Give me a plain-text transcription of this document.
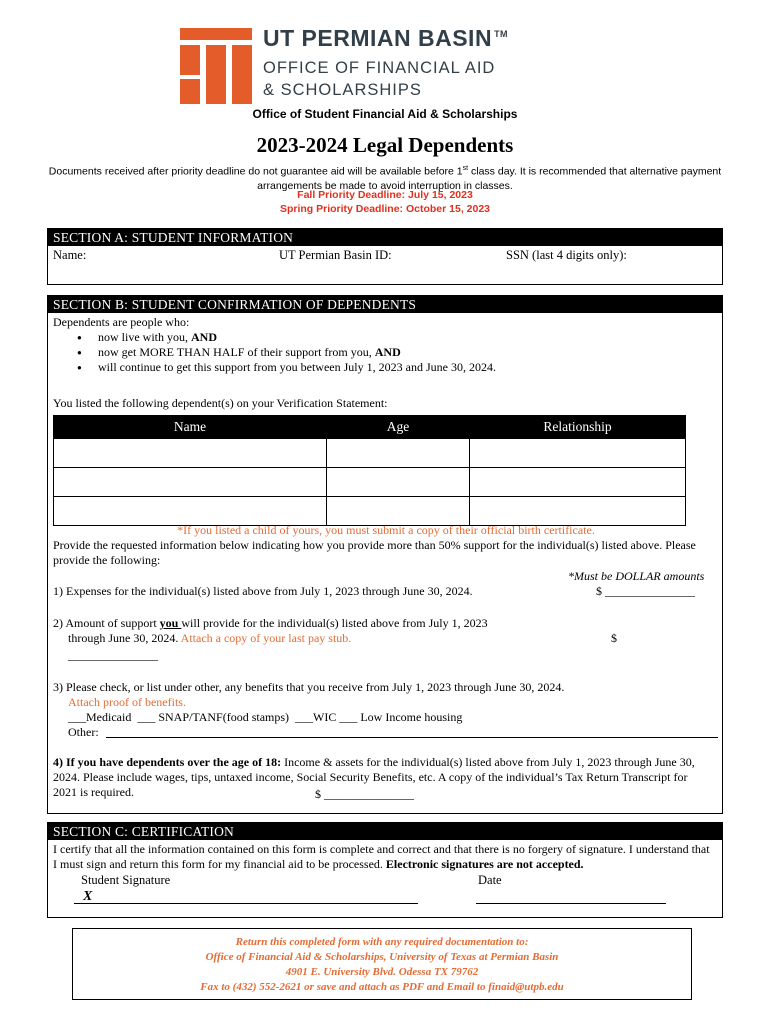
UT PERMIAN BASIN ™
OFFICE OF FINANCIAL AID
& SCHOLARSHIPS
Office of Student Financial Aid & Scholarships
2023-2024 Legal Dependents
Documents received after priority deadline do not guarantee aid will be available before 1st class day. It is recommended that alternative payment arrangements be made to avoid interruption in classes.
Fall Priority Deadline: July 15, 2023
Spring Priority Deadline: October 15, 2023
SECTION A: STUDENT INFORMATION
Name:	UT Permian Basin ID:	SSN (last 4 digits only):
SECTION B: STUDENT CONFIRMATION OF DEPENDENTS
Dependents are people who:
● now live with you, AND
● now get MORE THAN HALF of their support from you, AND
● will continue to get this support from you between July 1, 2023 and June 30, 2024.
You listed the following dependent(s) on your Verification Statement:
Name	Age	Relationship

*If you listed a child of yours, you must submit a copy of their official birth certificate.
Provide the requested information below indicating how you provide more than 50% support for the individual(s) listed above. Please provide the following:
*Must be DOLLAR amounts
1) Expenses for the individual(s) listed above from July 1, 2023 through June 30, 2024.	$ _______________
2) Amount of support you will provide for the individual(s) listed above from July 1, 2023
through June 30, 2024. Attach a copy of your last pay stub.	$
_______________
3) Please check, or list under other, any benefits that you receive from July 1, 2023 through June 30, 2024.
Attach proof of benefits.
___Medicaid  ___ SNAP/TANF(food stamps)  ___WIC ___ Low Income housing
Other:
4) If you have dependents over the age of 18: Income & assets for the individual(s) listed above from July 1, 2023 through June 30, 2024. Please include wages, tips, untaxed income, Social Security Benefits, etc. A copy of the individual’s Tax Return Transcript for 2021 is required.	$ _______________
SECTION C: CERTIFICATION
I certify that all the information contained on this form is complete and correct and that there is no forgery of signature. I understand that I must sign and return this form for my financial aid to be processed. Electronic signatures are not accepted.
Student Signature	Date
X
Return this completed form with any required documentation to:
Office of Financial Aid & Scholarships, University of Texas at Permian Basin
4901 E. University Blvd. Odessa TX 79762
Fax to (432) 552-2621 or save and attach as PDF and Email to finaid@utpb.edu
